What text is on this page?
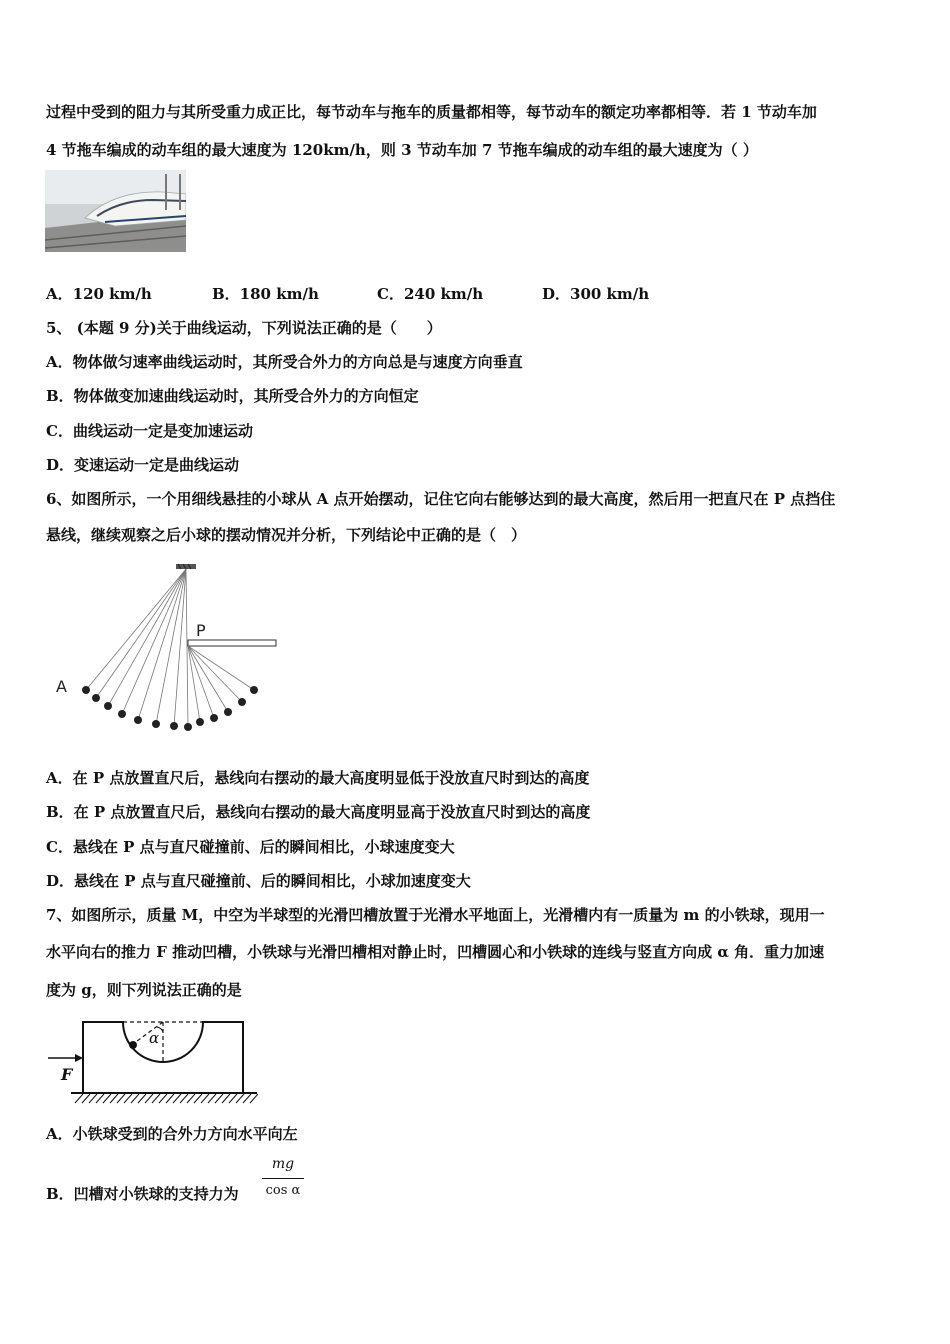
过程中受到的阻力与其所受重力成正比，每节动车与拖车的质量都相等，每节动车的额定功率都相等．若 1 节动车加
4 节拖车编成的动车组的最大速度为 120km/h，则 3 节动车加 7 节拖车编成的动车组的最大速度为（ ）
A．120 km/h	B．180 km/h	C．240 km/h	D．300 km/h
5、 (本题 9 分)关于曲线运动，下列说法正确的是（　　）
A．物体做匀速率曲线运动时，其所受合外力的方向总是与速度方向垂直
B．物体做变加速曲线运动时，其所受合外力的方向恒定
C．曲线运动一定是变加速运动
D．变速运动一定是曲线运动
6、如图所示，一个用细线悬挂的小球从 A 点开始摆动，记住它向右能够达到的最大高度，然后用一把直尺在 P 点挡住
悬线，继续观察之后小球的摆动情况并分析，下列结论中正确的是（　）
P
A
A．在 P 点放置直尺后，悬线向右摆动的最大高度明显低于没放直尺时到达的高度
B．在 P 点放置直尺后，悬线向右摆动的最大高度明显高于没放直尺时到达的高度
C．悬线在 P 点与直尺碰撞前、后的瞬间相比，小球速度变大
D．悬线在 P 点与直尺碰撞前、后的瞬间相比，小球加速度变大
7、如图所示，质量 M，中空为半球型的光滑凹槽放置于光滑水平地面上，光滑槽内有一质量为 m 的小铁球，现用一
水平向右的推力 F 推动凹槽，小铁球与光滑凹槽相对静止时，凹槽圆心和小铁球的连线与竖直方向成 α 角．重力加速
度为 g，则下列说法正确的是
α
F
A．小铁球受到的合外力方向水平向左
B．凹槽对小铁球的支持力为
mg
cos α
